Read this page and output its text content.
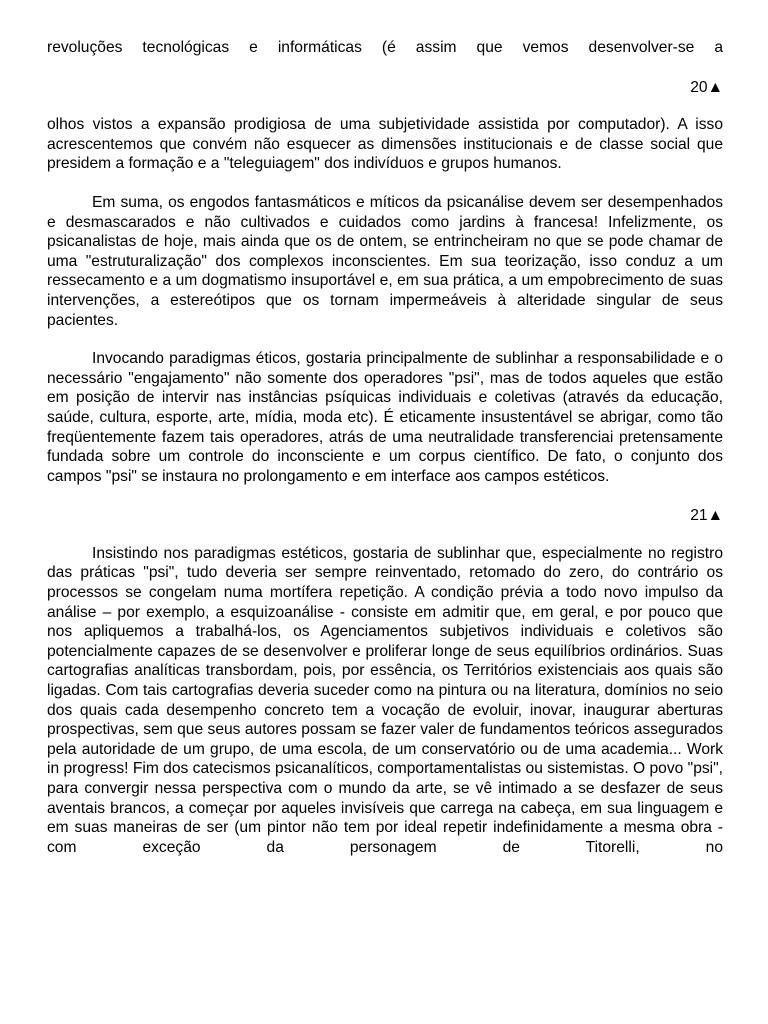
revoluções tecnológicas e informáticas (é assim que vemos desenvolver-se a

20▲

olhos vistos a expansão prodigiosa de uma subjetividade assistida por computador). A isso acrescentemos que convém não esquecer as dimensões institucionais e de classe social que presidem a formação e a "teleguiagem" dos indivíduos e grupos humanos.

Em suma, os engodos fantasmáticos e míticos da psicanálise devem ser desempenhados e desmascarados e não cultivados e cuidados como jardins à francesa! Infelizmente, os psicanalistas de hoje, mais ainda que os de ontem, se entrincheiram no que se pode chamar de uma "estruturalização" dos complexos inconscientes. Em sua teorização, isso conduz a um ressecamento e a um dogmatismo insuportável e, em sua prática, a um empobrecimento de suas intervenções, a estereótipos que os tornam impermeáveis à alteridade singular de seus pacientes.

Invocando paradigmas éticos, gostaria principalmente de sublinhar a responsabilidade e o necessário "engajamento" não somente dos operadores "psi", mas de todos aqueles que estão em posição de intervir nas instâncias psíquicas individuais e coletivas (através da educação, saúde, cultura, esporte, arte, mídia, moda etc). É eticamente insustentável se abrigar, como tão freqüentemente fazem tais operadores, atrás de uma neutralidade transferenciai pretensamente fundada sobre um controle do inconsciente e um corpus científico. De fato, o conjunto dos campos "psi" se instaura no prolongamento e em interface aos campos estéticos.

21▲

Insistindo nos paradigmas estéticos, gostaria de sublinhar que, especialmente no registro das práticas "psi", tudo deveria ser sempre reinventado, retomado do zero, do contrário os processos se congelam numa mortífera repetição. A condição prévia a todo novo impulso da análise – por exemplo, a esquizoanálise - consiste em admitir que, em geral, e por pouco que nos apliquemos a trabalhá-los, os Agenciamentos subjetivos individuais e coletivos são potencialmente capazes de se desenvolver e proliferar longe de seus equilíbrios ordinários. Suas cartografias analíticas transbordam, pois, por essência, os Territórios existenciais aos quais são ligadas. Com tais cartografias deveria suceder como na pintura ou na literatura, domínios no seio dos quais cada desempenho concreto tem a vocação de evoluir, inovar, inaugurar aberturas prospectivas, sem que seus autores possam se fazer valer de fundamentos teóricos assegurados pela autoridade de um grupo, de uma escola, de um conservatório ou de uma academia... Work in progress! Fim dos catecismos psicanalíticos, comportamentalistas ou sistemistas. O povo "psi", para convergir nessa perspectiva com o mundo da arte, se vê intimado a se desfazer de seus aventais brancos, a começar por aqueles invisíveis que carrega na cabeça, em sua linguagem e em suas maneiras de ser (um pintor não tem por ideal repetir indefinidamente a mesma obra - com exceção da personagem de Titorelli, no
